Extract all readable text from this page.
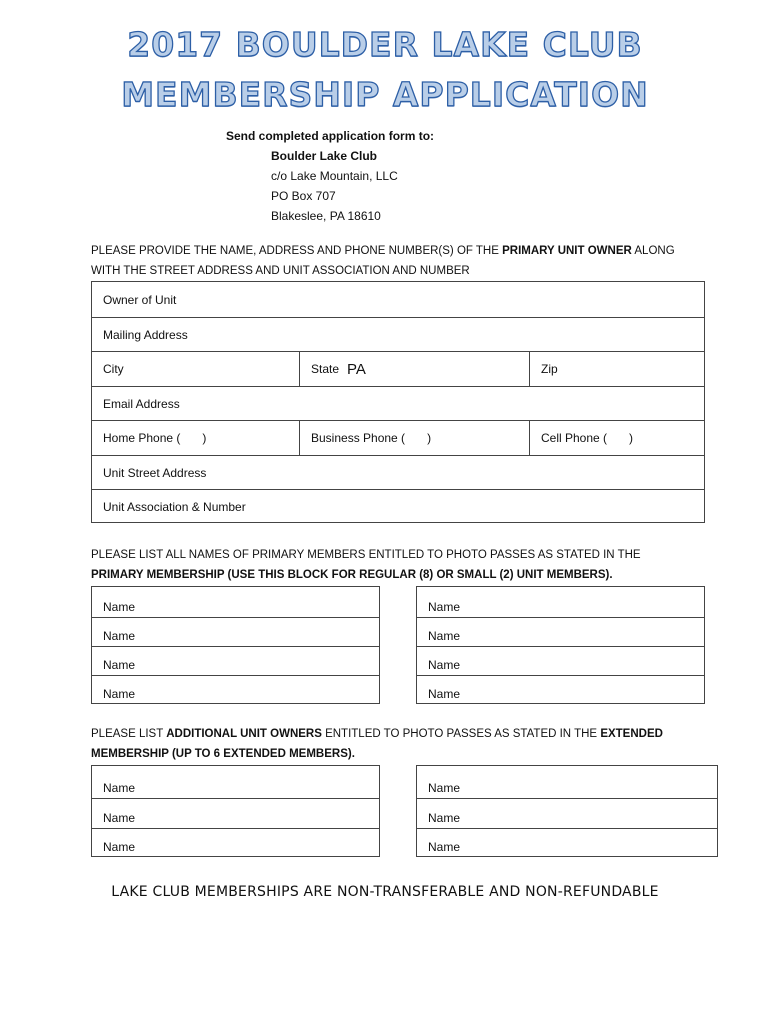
2017 BOULDER LAKE CLUB
MEMBERSHIP APPLICATION
Send completed application form to:
Boulder Lake Club
c/o Lake Mountain, LLC
PO Box 707
Blakeslee, PA 18610
PLEASE PROVIDE THE NAME, ADDRESS AND PHONE NUMBER(S) OF THE PRIMARY UNIT OWNER ALONG
WITH THE STREET ADDRESS AND UNIT ASSOCIATION AND NUMBER
Owner of Unit
Mailing Address
City	State PA	Zip
Email Address
Home Phone ( )	Business Phone ( )	Cell Phone ( )
Unit Street Address
Unit Association & Number
PLEASE LIST ALL NAMES OF PRIMARY MEMBERS ENTITLED TO PHOTO PASSES AS STATED IN THE
PRIMARY MEMBERSHIP (USE THIS BLOCK FOR REGULAR (8) OR SMALL (2) UNIT MEMBERS).
Name
Name
Name
Name
Name
Name
Name
Name
PLEASE LIST ADDITIONAL UNIT OWNERS ENTITLED TO PHOTO PASSES AS STATED IN THE EXTENDED
MEMBERSHIP (UP TO 6 EXTENDED MEMBERS).
Name
Name
Name
Name
Name
Name
LAKE CLUB MEMBERSHIPS ARE NON-TRANSFERABLE AND NON-REFUNDABLE
